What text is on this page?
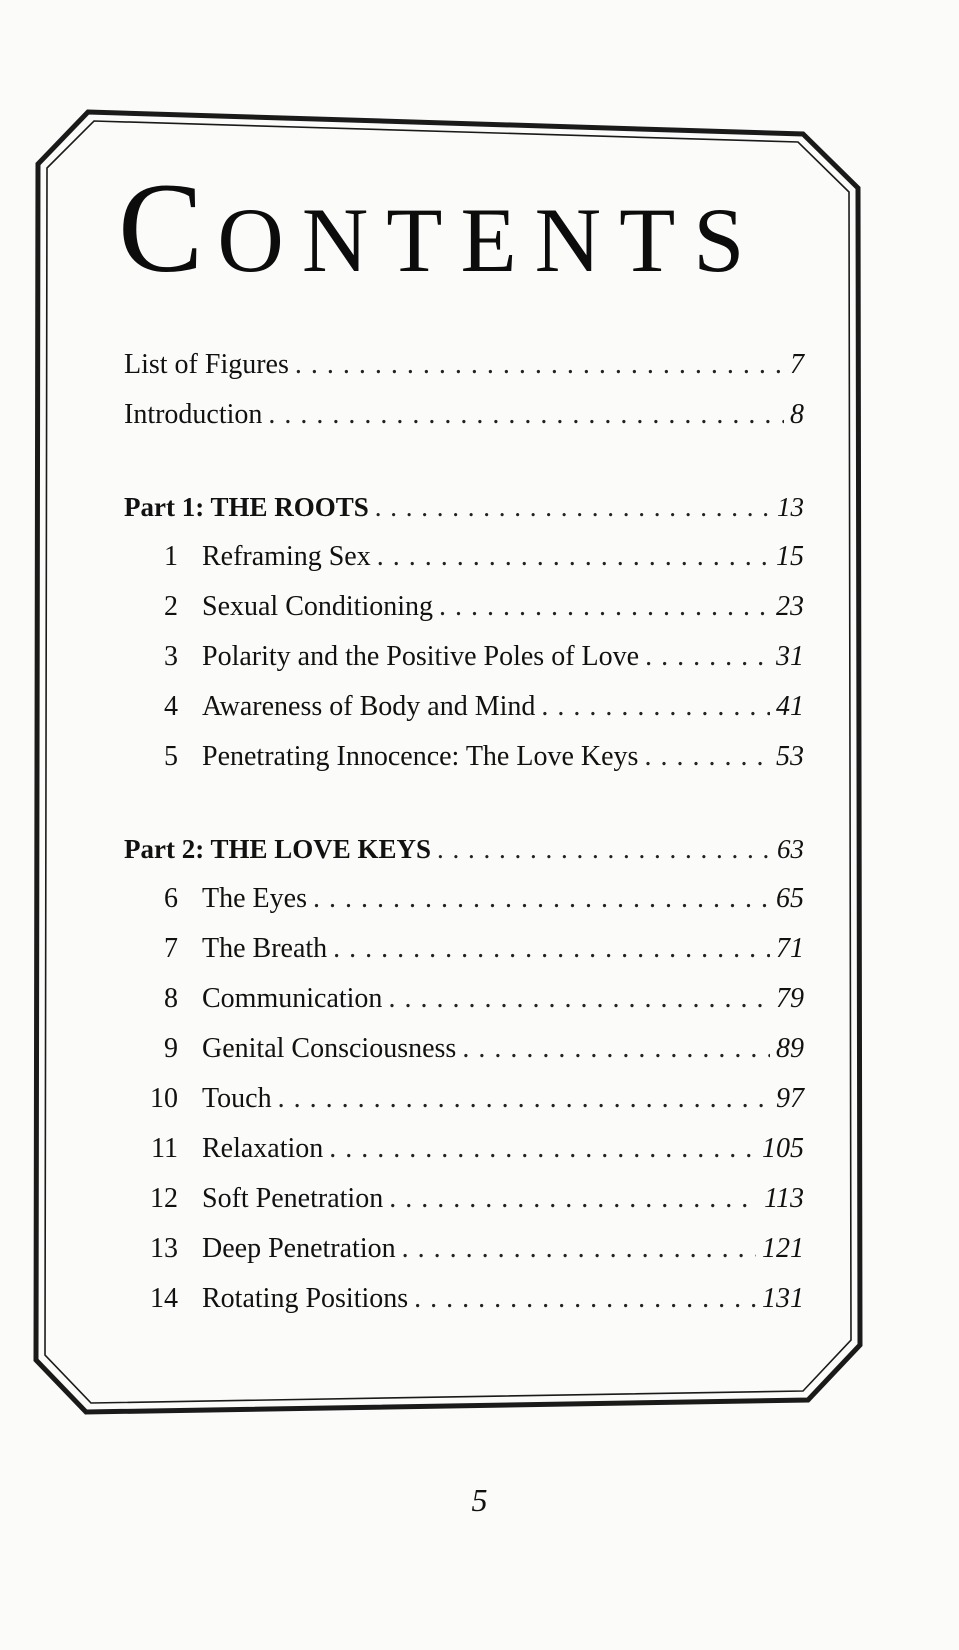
CONTENTS
List of Figures . . .	7
Introduction . . .	8
Part 1: THE ROOTS . . .	13
1 Reframing Sex . . .	15
2 Sexual Conditioning . . .	23
3 Polarity and the Positive Poles of Love . . .	31
4 Awareness of Body and Mind . . .	41
5 Penetrating Innocence: The Love Keys . . .	53
Part 2: THE LOVE KEYS . . .	63
6 The Eyes . . .	65
7 The Breath . . .	71
8 Communication . . .	79
9 Genital Consciousness . . .	89
10 Touch . . .	97
11 Relaxation . . .	105
12 Soft Penetration . . .	113
13 Deep Penetration . . .	121
14 Rotating Positions . . .	131
5
